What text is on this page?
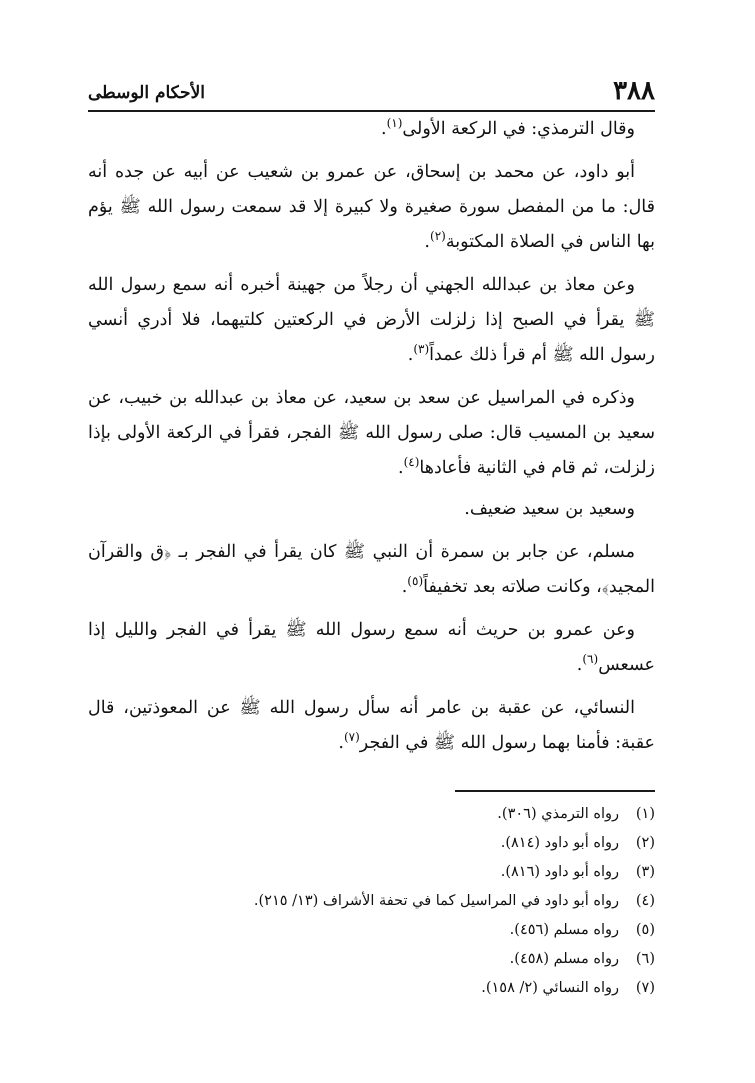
٣٨٨
الأحكام الوسطى

وقال الترمذي: في الركعة الأولى$^{(١)}$.

أبو داود، عن محمد بن إسحاق، عن عمرو بن شعيب عن أبيه عن جده أنه قال: ما من المفصل سورة صغيرة ولا كبيرة إلا قد سمعت رسول الله ﷺ يؤم بها الناس في الصلاة المكتوبة$^{(٢)}$.

وعن معاذ بن عبدالله الجهني أن رجلاً من جهينة أخبره أنه سمع رسول الله ﷺ يقرأ في الصبح إذا زلزلت الأرض في الركعتين كلتيهما، فلا أدري أنسي رسول الله ﷺ أم قرأ ذلك عمداً$^{(٣)}$.

وذكره في المراسيل عن سعد بن سعيد، عن معاذ بن عبدالله بن خبيب، عن سعيد بن المسيب قال: صلى رسول الله ﷺ الفجر، فقرأ في الركعة الأولى بإذا زلزلت، ثم قام في الثانية فأعادها$^{(٤)}$.

وسعيد بن سعيد ضعيف.

مسلم، عن جابر بن سمرة أن النبي ﷺ كان يقرأ في الفجر بـ ﴿ق والقرآن المجيد﴾، وكانت صلاته بعد تخفيفاً$^{(٥)}$.

وعن عمرو بن حريث أنه سمع رسول الله ﷺ يقرأ في الفجر والليل إذا عسعس$^{(٦)}$.

النسائي، عن عقبة بن عامر أنه سأل رسول الله ﷺ عن المعوذتين، قال عقبة: فأمنا بهما رسول الله ﷺ في الفجر$^{(٧)}$.

(١)رواه الترمذي (٣٠٦).
(٢)رواه أبو داود (٨١٤).
(٣)رواه أبو داود (٨١٦).
(٤)رواه أبو داود في المراسيل كما في تحفة الأشراف (١٣/ ٢١٥).
(٥)رواه مسلم (٤٥٦).
(٦)رواه مسلم (٤٥٨).
(٧)رواه النسائي (٢/ ١٥٨).
